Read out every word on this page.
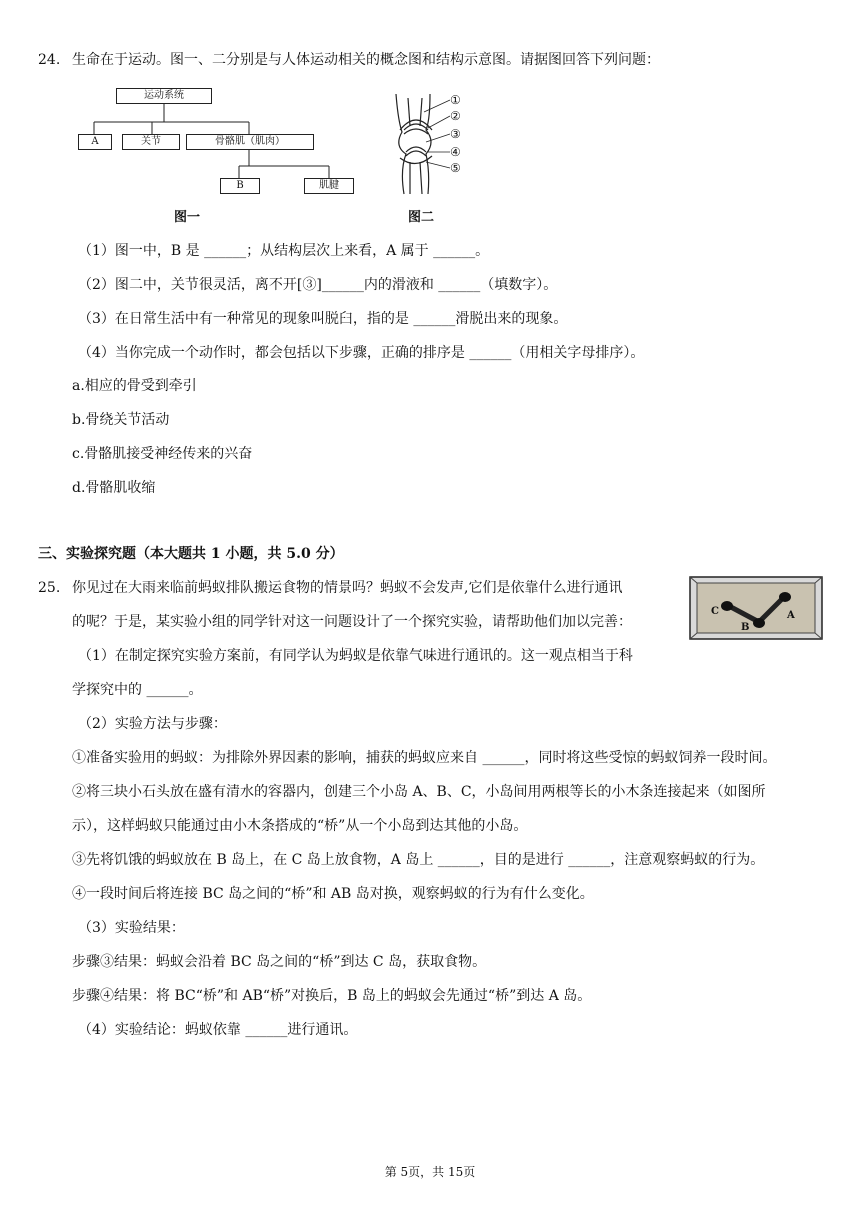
24. 生命在于运动。图一、二分别是与人体运动相关的概念图和结构示意图。请据图回答下列问题：
运动系统
A	关节	骨骼肌（肌肉）
B	肌腱
图一
①
②
③
④
⑤
图二
（1）图一中，B 是 ______；从结构层次上来看，A 属于 ______。
（2）图二中，关节很灵活，离不开[③]______内的滑液和 ______（填数字）。
（3）在日常生活中有一种常见的现象叫脱臼，指的是 ______滑脱出来的现象。
（4）当你完成一个动作时，都会包括以下步骤，正确的排序是 ______（用相关字母排序）。
a.相应的骨受到牵引
b.骨绕关节活动
c.骨骼肌接受神经传来的兴奋
d.骨骼肌收缩
三、实验探究题（本大题共 1 小题，共 5.0 分）
25. 你见过在大雨来临前蚂蚁排队搬运食物的情景吗？蚂蚁不会发声,它们是依靠什么进行通讯
的呢？于是，某实验小组的同学针对这一问题设计了一个探究实验，请帮助他们加以完善：
C
B
A
（1）在制定探究实验方案前，有同学认为蚂蚁是依靠气味进行通讯的。这一观点相当于科
学探究中的 ______。
（2）实验方法与步骤：
①准备实验用的蚂蚁：为排除外界因素的影响，捕获的蚂蚁应来自 ______，同时将这些受惊的蚂蚁饲养一段时间。
②将三块小石头放在盛有清水的容器内，创建三个小岛 A、B、C，小岛间用两根等长的小木条连接起来（如图所
示），这样蚂蚁只能通过由小木条搭成的“桥”从一个小岛到达其他的小岛。
③先将饥饿的蚂蚁放在 B 岛上，在 C 岛上放食物，A 岛上 ______，目的是进行 ______，注意观察蚂蚁的行为。
④一段时间后将连接 BC 岛之间的“桥”和 AB 岛对换，观察蚂蚁的行为有什么变化。
（3）实验结果：
步骤③结果：蚂蚁会沿着 BC 岛之间的“桥”到达 C 岛，获取食物。
步骤④结果：将 BC“桥”和 AB“桥”对换后，B 岛上的蚂蚁会先通过“桥”到达 A 岛。
（4）实验结论：蚂蚁依靠 ______进行通讯。
第 5页，共 15页
